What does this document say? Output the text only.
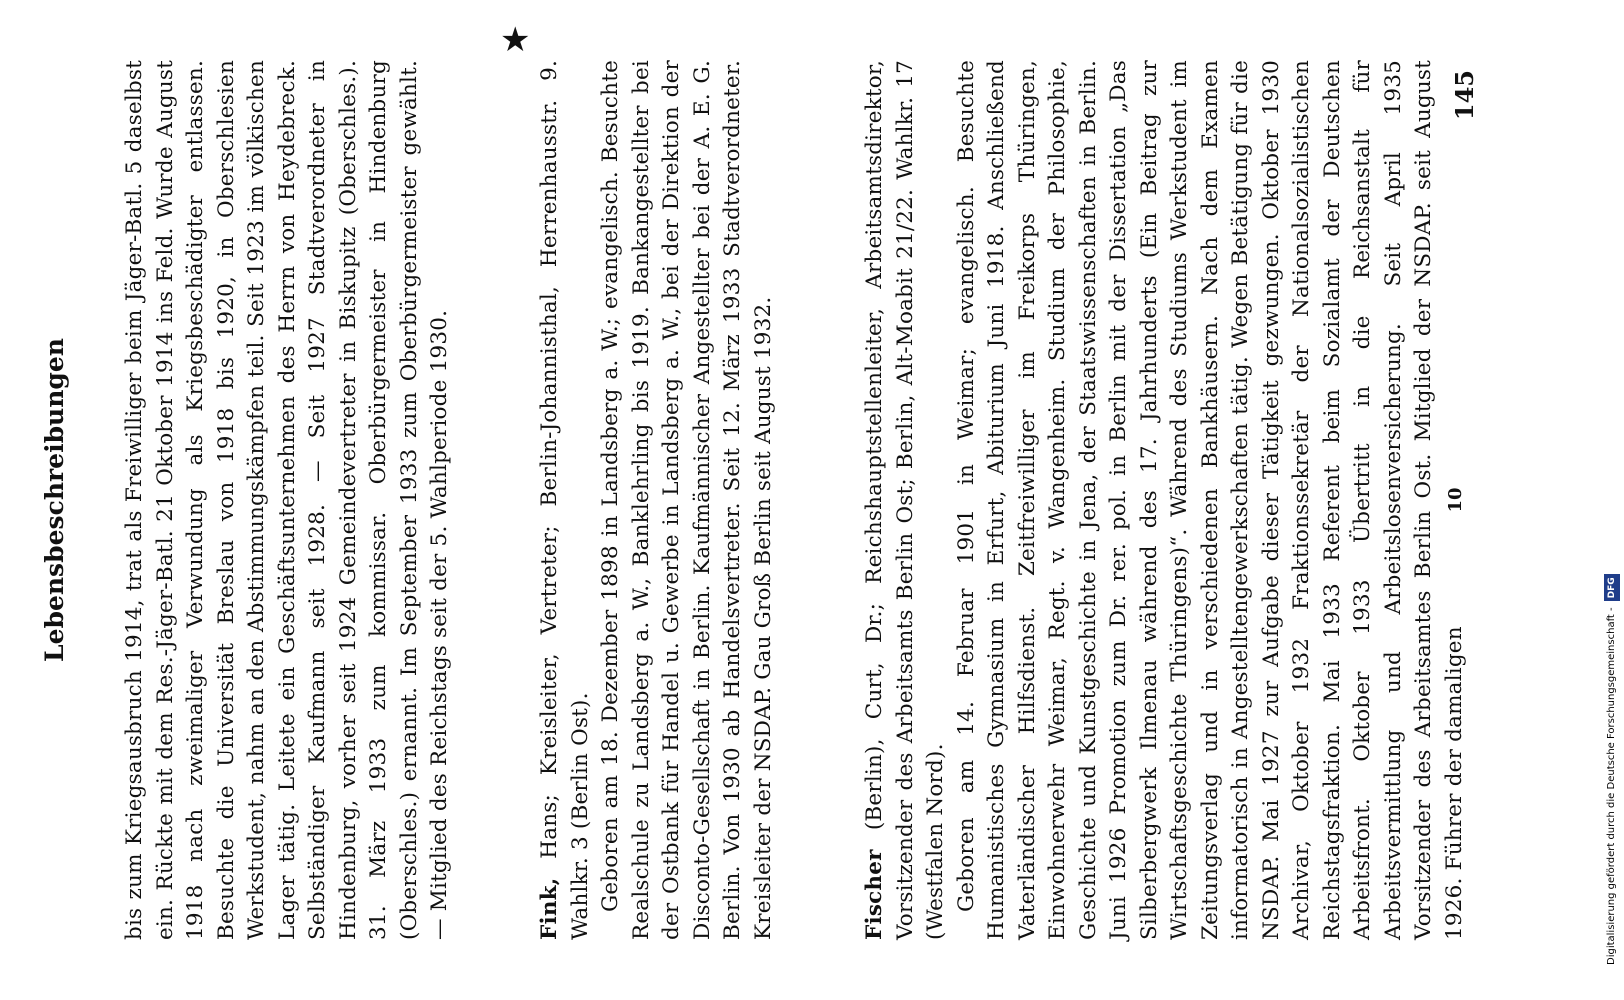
Lebensbeschreibungen bis zum Kriegsausbruch 1914, trat als Freiwilliger beim Jäger-Batl. 5 daselbst ein. Rückte mit dem Res.-Jäger-Batl. 21 Oktober 1914 ins Feld. Wurde August 1918 nach zweimaliger Verwundung als Kriegsbeschädigter entlassen. Besuchte die Universität Breslau von 1918 bis 1920, in Oberschlesien Werkstudent, nahm an den Abstimmungskämpfen teil. Seit 1923 im völkischen Lager tätig. Leitete ein Geschäftsunternehmen des Herrn von Heydebreck. Selbständiger Kaufmann seit 1928. — Seit 1927 Stadtverordneter in Hindenburg, vorher seit 1924 Gemeindevertreter in Biskupitz (Oberschles.). 31. März 1933 zum kommissar. Oberbürgermeister in Hindenburg (Oberschles.) ernannt. Im September 1933 zum Oberbürgermeister gewählt. — Mitglied des Reichstags seit der 5. Wahlperiode 1930.	Fink, Hans; Kreisleiter, Vertreter; Berlin-Johannisthal, Herrenhausstr. 9. Wahlkr. 3 (Berlin Ost). Geboren am 18. Dezember 1898 in Landsberg a. W.; evangelisch. Besuchte Realschule zu Landsberg a. W., Banklehrling bis 1919. Bankangestellter bei der Ostbank für Handel u. Gewerbe in Landsberg a. W., bei der Direktion der Disconto-Gesellschaft in Berlin. Kaufmännischer Angestellter bei der A. E. G. Berlin. Von 1930 ab Handelsvertreter. Seit 12. März 1933 Stadtverordneter. Kreisleiter der NSDAP. Gau Groß Berlin seit August 1932.	Fischer (Berlin), Curt, Dr.; Reichshauptstellenleiter, Arbeitsamtsdirektor, Vorsitzender des Arbeitsamts Berlin Ost; Berlin, Alt-Moabit 21/22. Wahlkr. 17 (Westfalen Nord). Geboren am 14. Februar 1901 in Weimar; evangelisch. Besuchte Humanistisches Gymnasium in Erfurt, Abiturium Juni 1918. Anschließend Vaterländischer Hilfsdienst. Zeitfreiwilliger im Freikorps Thüringen, Einwohnerwehr Weimar, Regt. v. Wangenheim. Studium der Philosophie, Geschichte und Kunstgeschichte in Jena, der Staatswissenschaften in Berlin. Juni 1926 Promotion zum Dr. rer. pol. in Berlin mit der Dissertation „Das Silberbergwerk Ilmenau während des 17. Jahrhunderts (Ein Beitrag zur Wirtschaftsgeschichte Thüringens)“. Während des Studiums Werkstudent im Zeitungsverlag und in verschiedenen Bankhäusern. Nach dem Examen informatorisch in Angestelltengewerkschaften tätig. Wegen Betätigung für die NSDAP. Mai 1927 zur Aufgabe dieser Tätigkeit gezwungen. Oktober 1930 Archivar, Oktober 1932 Fraktionssekretär der Nationalsozialistischen Reichstagsfraktion. Mai 1933 Referent beim Sozialamt der Deutschen Arbeitsfront. Oktober 1933 Übertritt in die Reichsanstalt für Arbeitsvermittlung und Arbeitslosenversicherung. Seit April 1935 Vorsitzender des Arbeitsamtes Berlin Ost. Mitglied der NSDAP. seit August 1926. Führer der damaligen

10
145
★
Digitalisierung gefördert durch die Deutsche Forschungsgemeinschaft -DFG
